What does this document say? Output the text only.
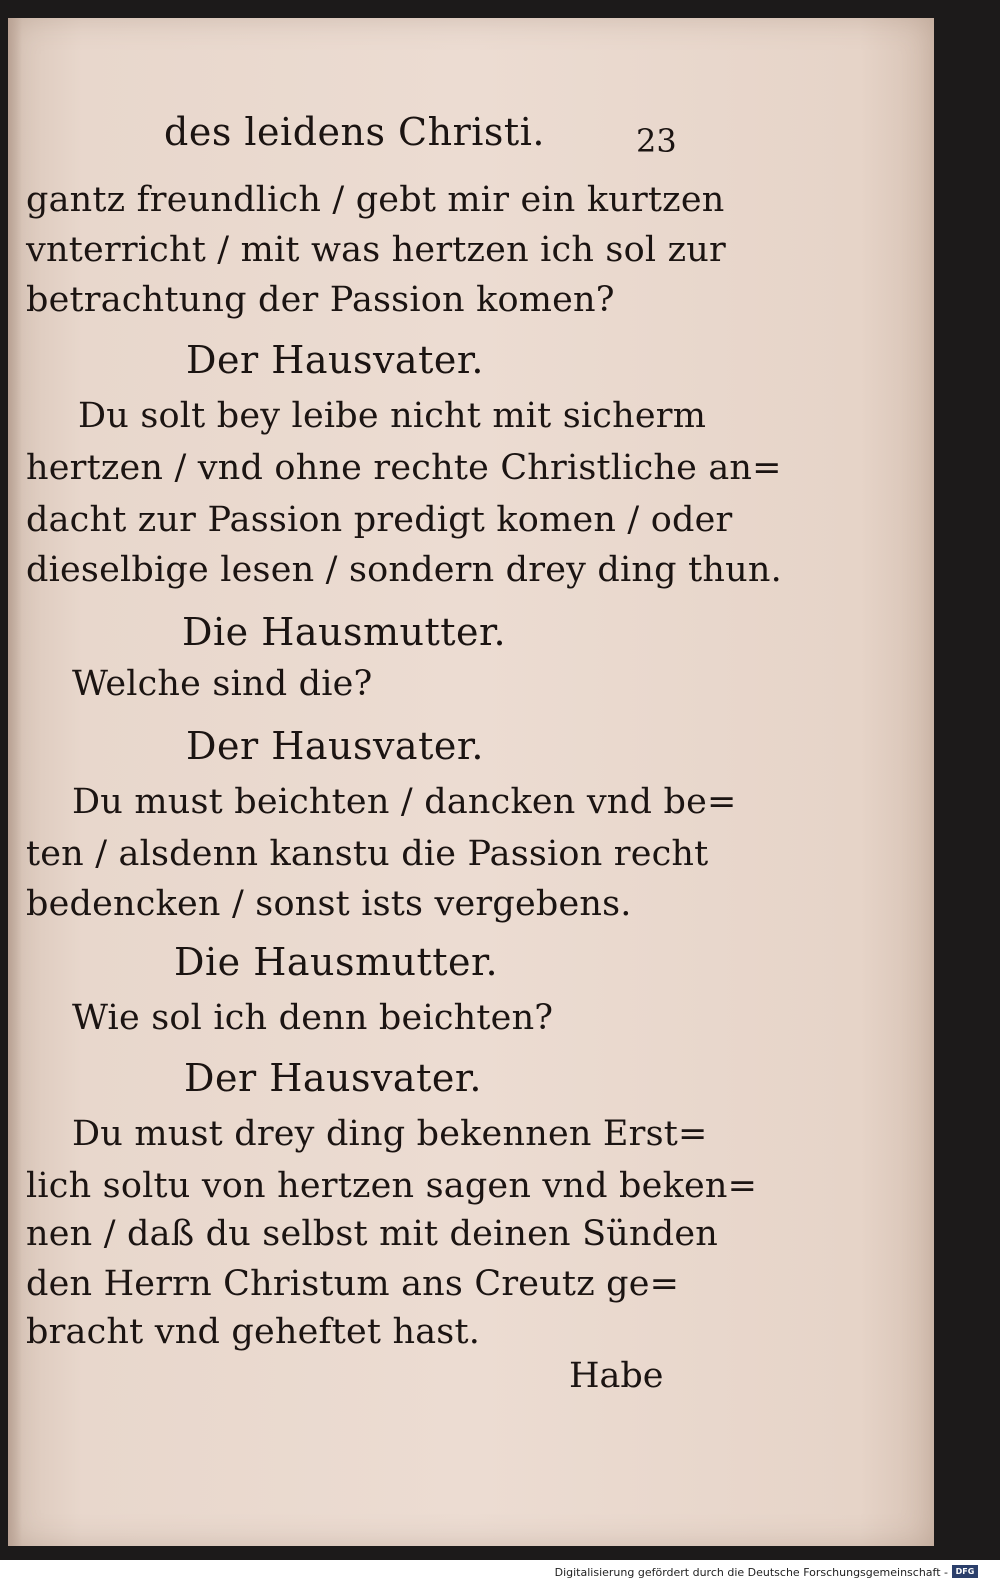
des leidens Christi.	23
gantz freundlich / gebt mir ein kurtzen
vnterricht / mit was hertzen ich sol zur
betrachtung der Passion komen?
Der Hausvater.
Du solt bey leibe nicht mit sicherm
hertzen / vnd ohne rechte Christliche an=
dacht zur Passion predigt komen / oder
dieselbige lesen / sondern drey ding thun.
Die Hausmutter.
Welche sind die?
Der Hausvater.
Du must beichten / dancken vnd be=
ten / alsdenn kanstu die Passion recht
bedencken / sonst ists vergebens.
Die Hausmutter.
Wie sol ich denn beichten?
Der Hausvater.
Du must drey ding bekennen Erst=
lich soltu von hertzen sagen vnd beken=
nen / daß du selbst mit deinen Sünden
den Herrn Christum ans Creutz ge=
bracht vnd geheftet hast.
Habe
Digitalisierung gefördert durch die Deutsche Forschungsgemeinschaft - DFG
